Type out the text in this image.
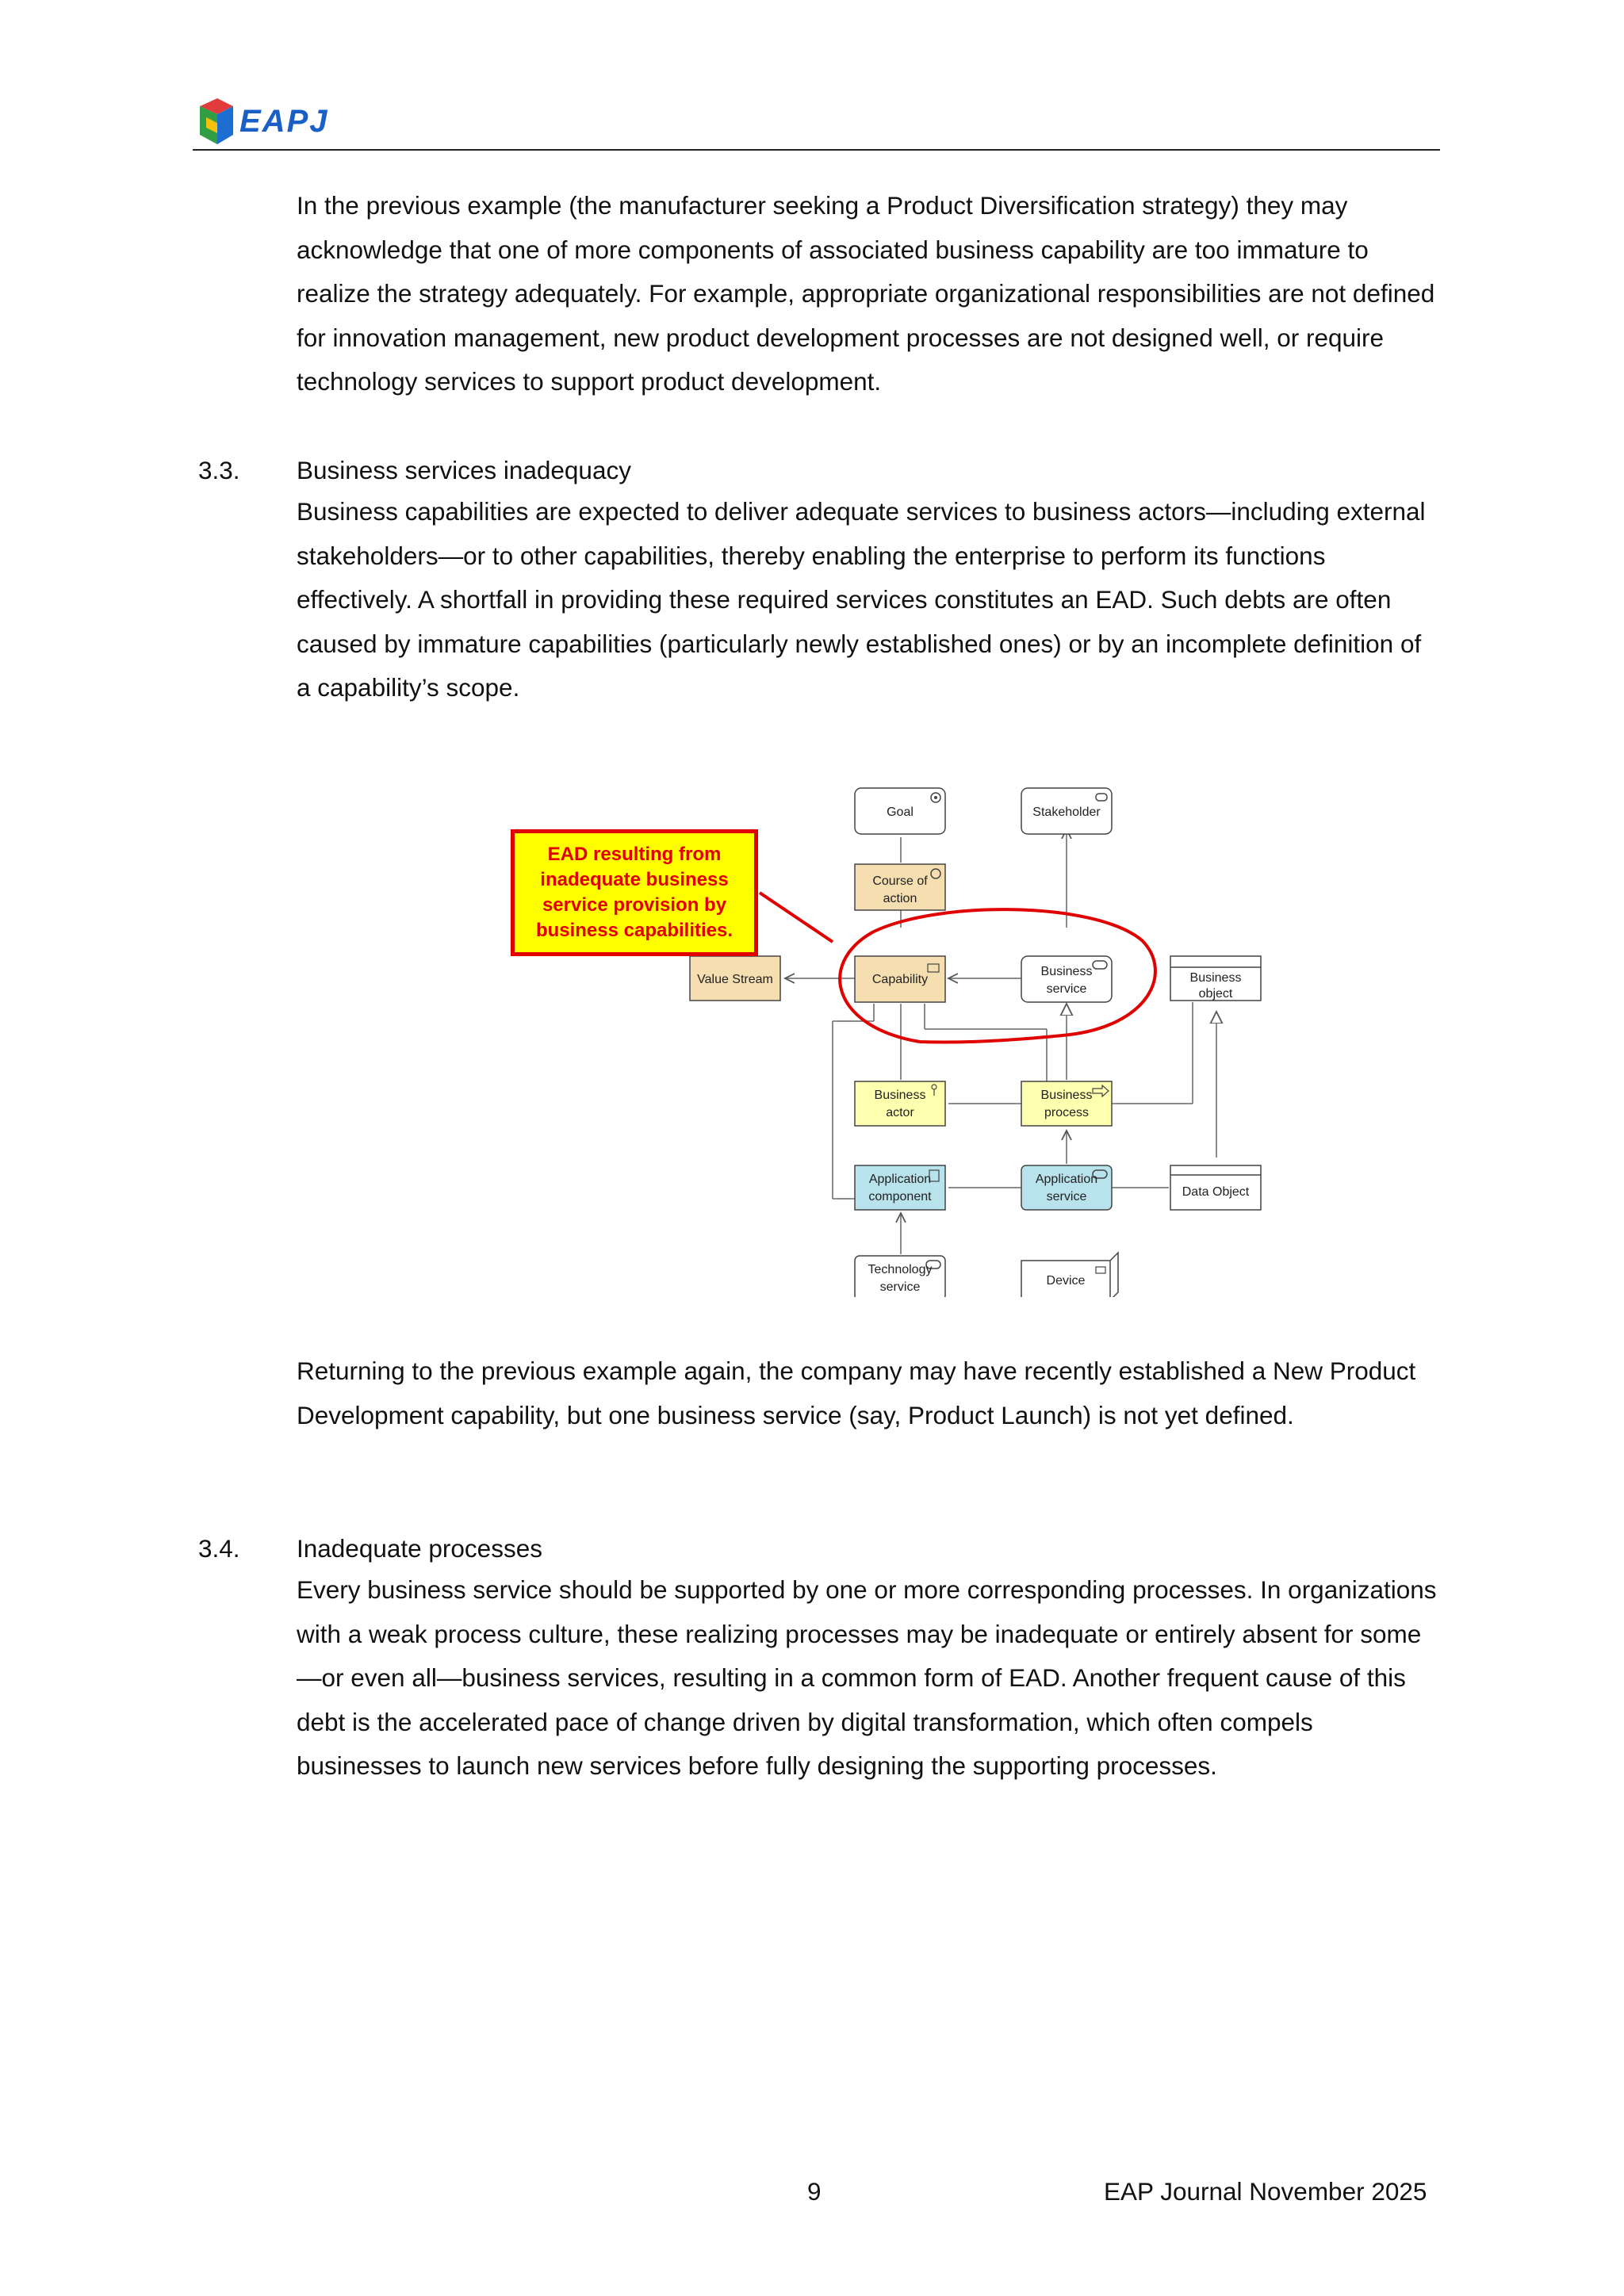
EAPJ
In the previous example (the manufacturer seeking a Product Diversification strategy) they may acknowledge that one of more components of associated business capability are too immature to realize the strategy adequately. For example, appropriate organizational responsibilities are not defined for innovation management, new product development processes are not designed well, or require technology services to support product development.
3.3. Business services inadequacy
Business capabilities are expected to deliver adequate services to business actors—including external stakeholders—or to other capabilities, thereby enabling the enterprise to perform its functions effectively. A shortfall in providing these required services constitutes an EAD. Such debts are often caused by immature capabilities (particularly newly established ones) or by an incomplete definition of a capability’s scope.
Goal	Stakeholder
Course of
action
Value Stream	Capability
Business
service
Business
object
Business
actor
Business
process
Application
component
Application
service	Data Object
Technology
service	Device
EAD resulting from inadequate business service provision by business capabilities.
Returning to the previous example again, the company may have recently established a New Product Development capability, but one business service (say, Product Launch) is not yet defined.
3.4. Inadequate processes
Every business service should be supported by one or more corresponding processes. In organizations with a weak process culture, these realizing processes may be inadequate or entirely absent for some—or even all—business services, resulting in a common form of EAD. Another frequent cause of this debt is the accelerated pace of change driven by digital transformation, which often compels businesses to launch new services before fully designing the supporting processes.
9	EAP Journal November 2025
